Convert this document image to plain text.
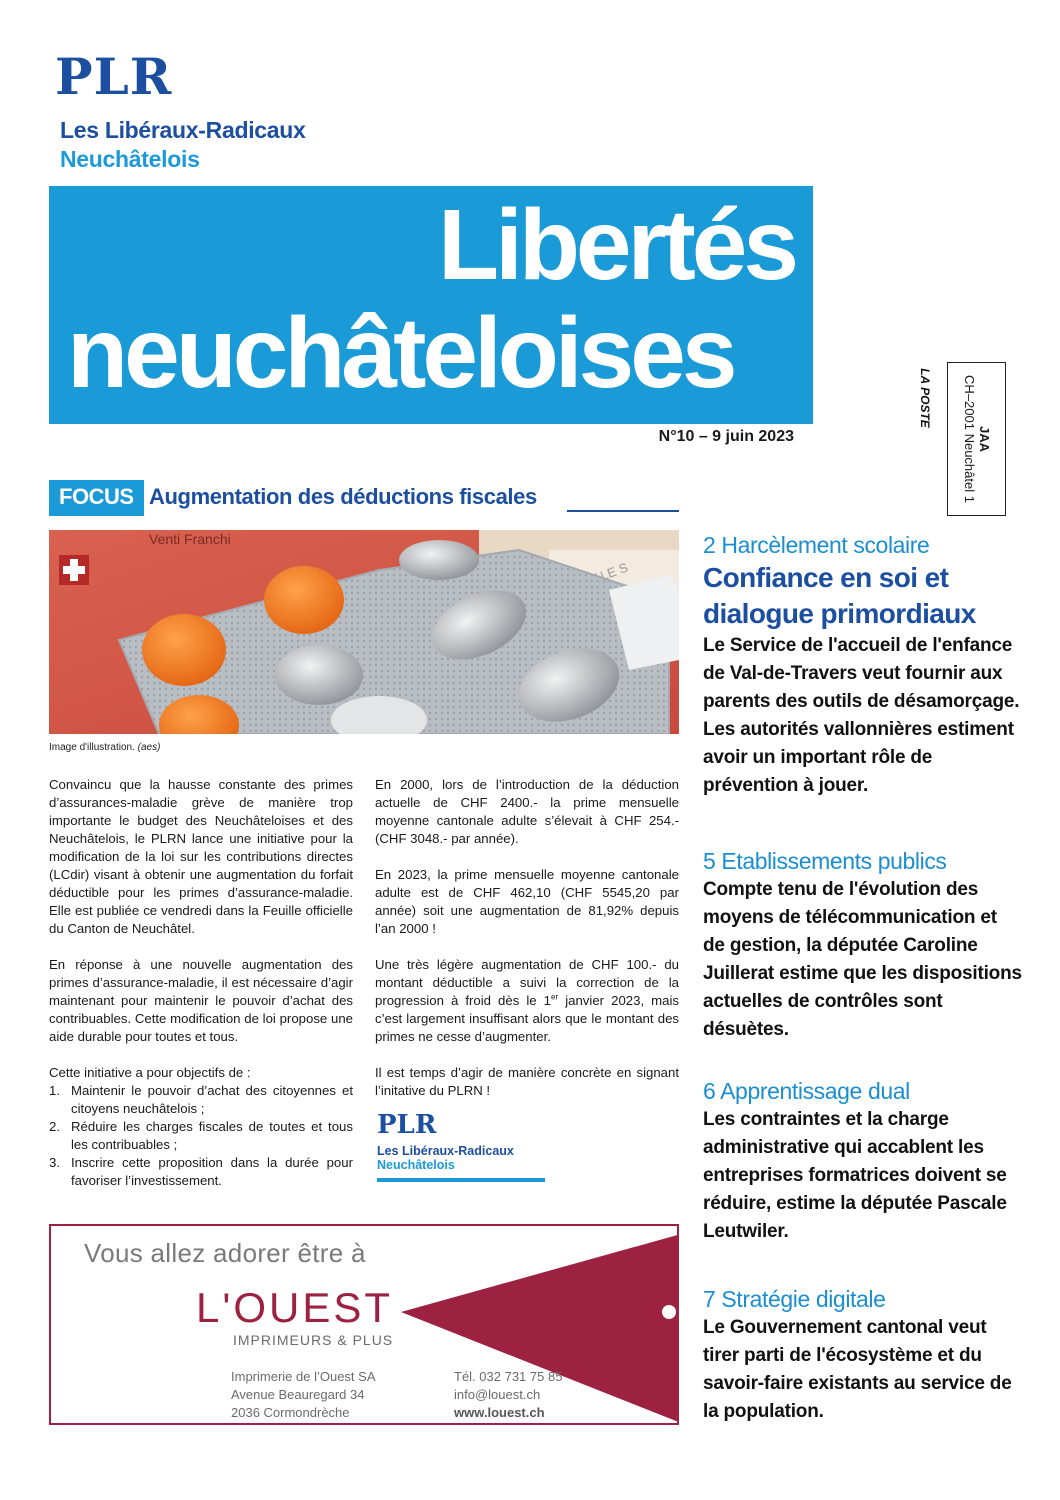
PLR
Les Libéraux-Radicaux
Neuchâtelois
Libertés
neuchâteloises
N°10 – 9 juin 2023
LA POSTE
JAA
CH–2001 Neuchâtel 1
FOCUS Augmentation des déductions fiscales
Venti Franchi
Image d'illustration. (aes)

Convaincu que la hausse constante des primes d’assurances-maladie grève de manière trop importante le budget des Neuchâteloises et des Neuchâtelois, le PLRN lance une initiative pour la modification de la loi sur les contributions directes (LCdir) visant à obtenir une augmentation du forfait déductible pour les primes d’assurance-maladie. Elle est publiée ce vendredi dans la Feuille officielle du Canton de Neuchâtel.

En réponse à une nouvelle augmentation des primes d’assurance-maladie, il est nécessaire d’agir maintenant pour maintenir le pouvoir d’achat des contribuables. Cette modification de loi propose une aide durable pour toutes et tous.

Cette initiative a pour objectifs de :
1. Maintenir le pouvoir d’achat des citoyennes et citoyens neuchâtelois ;
2. Réduire les charges fiscales de toutes et tous les contribuables ;
3. Inscrire cette proposition dans la durée pour favoriser l’investissement.

En 2000, lors de l’introduction de la déduction actuelle de CHF 2400.- la prime mensuelle moyenne cantonale adulte s’élevait à CHF 254.- (CHF 3048.- par année).

En 2023, la prime mensuelle moyenne cantonale adulte est de CHF 462,10 (CHF 5545,20 par année) soit une augmentation de 81,92% depuis l’an 2000 !

Une très légère augmentation de CHF 100.- du montant déductible a suivi la correction de la progression à froid dès le 1er janvier 2023, mais c’est largement insuffisant alors que le montant des primes ne cesse d’augmenter.

Il est temps d’agir de manière concrète en signant l’initative du PLRN !

PLR
Les Libéraux-Radicaux
Neuchâtelois
Vous allez adorer être à
L'OUEST
IMPRIMEURS & PLUS
Imprimerie de l’Ouest SA
Avenue Beauregard 34
2036 Cormondrèche
Tél. 032 731 75 85
info@louest.ch
www.louest.ch
2 Harcèlement scolaire
Confiance en soi et dialogue primordiaux
Le Service de l'accueil de l'enfance de Val-de-Travers veut fournir aux parents des outils de désamorçage. Les autorités vallonnières estiment avoir un important rôle de prévention à jouer.
5 Etablissements publics
Compte tenu de l'évolution des moyens de télécommunication et de gestion, la députée Caroline Juillerat estime que les dispositions actuelles de contrôles sont désuètes.
6 Apprentissage dual
Les contraintes et la charge administrative qui accablent les entreprises formatrices doivent se réduire, estime la députée Pascale Leutwiler.
7 Stratégie digitale
Le Gouvernement cantonal veut tirer parti de l'écosystème et du savoir-faire existants au service de la population.
